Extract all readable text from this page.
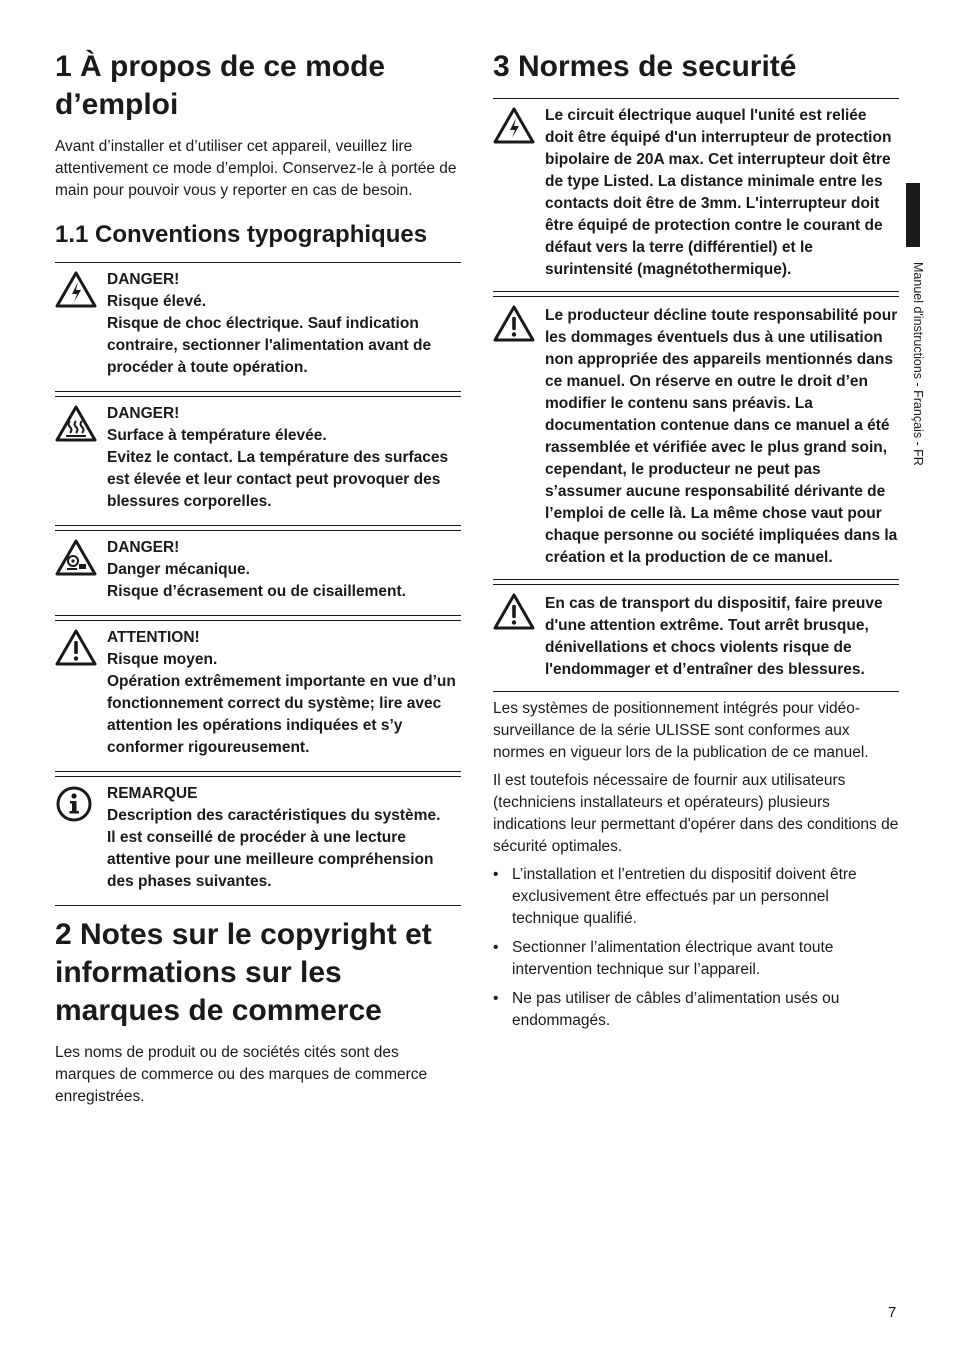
1 À propos de ce mode d’emploi

Avant d’installer et d’utiliser cet appareil, veuillez lire attentivement ce mode d’emploi. Conservez-le à portée de main pour pouvoir vous y reporter en cas de besoin.

1.1 Conventions typographiques
DANGER!
Risque élevé.
Risque de choc électrique. Sauf indication contraire, sectionner l'alimentation avant de procéder à toute opération.
DANGER!
Surface à température élevée.
Evitez le contact. La température des surfaces est élevée et leur contact peut provoquer des blessures corporelles.
DANGER!
Danger mécanique.
Risque d’écrasement ou de cisaillement.
ATTENTION!
Risque moyen.
Opération extrêmement importante en vue d’un fonctionnement correct du système; lire avec attention les opérations indiquées et s’y conformer rigoureusement.
REMARQUE
Description des caractéristiques du système.
Il est conseillé de procéder à une lecture attentive pour une meilleure compréhension des phases suivantes.
2 Notes sur le copyright et informations sur les marques de commerce

Les noms de produit ou de sociétés cités sont des marques de commerce ou des marques de commerce enregistrées.

3 Normes de securité
Le circuit électrique auquel l'unité est reliée doit être équipé d'un interrupteur de protection bipolaire de 20A max. Cet interrupteur doit être de type Listed. La distance minimale entre les contacts doit être de 3mm. L'interrupteur doit être équipé de protection contre le courant de défaut vers la terre (différentiel) et le surintensité (magnétothermique).
Le producteur décline toute responsabilité pour les dommages éventuels dus à une utilisation non appropriée des appareils mentionnés dans ce manuel. On réserve en outre le droit d’en modifier le contenu sans préavis. La documentation contenue dans ce manuel a été rassemblée et vérifiée avec le plus grand soin, cependant, le producteur ne peut pas s’assumer aucune responsabilité dérivante de l’emploi de celle là. La même chose vaut pour chaque personne ou société impliquées dans la création et la production de ce manuel.
En cas de transport du dispositif, faire preuve d'une attention extrême. Tout arrêt brusque, dénivellations et chocs violents risque de l'endommager et d’entraîner des blessures.

Les systèmes de positionnement intégrés pour vidéo-surveillance de la série ULISSE sont conformes aux normes en vigueur lors de la publication de ce manuel.

Il est toutefois nécessaire de fournir aux utilisateurs (techniciens installateurs et opérateurs) plusieurs indications leur permettant d'opérer dans des conditions de sécurité optimales.

• L’installation et l’entretien du dispositif doivent être exclusivement être effectués par un personnel technique qualifié.
• Sectionner l’alimentation électrique avant toute intervention technique sur l’appareil.
• Ne pas utiliser de câbles d’alimentation usés ou endommagés.
Manuel d'instructions - Français - FR
7
